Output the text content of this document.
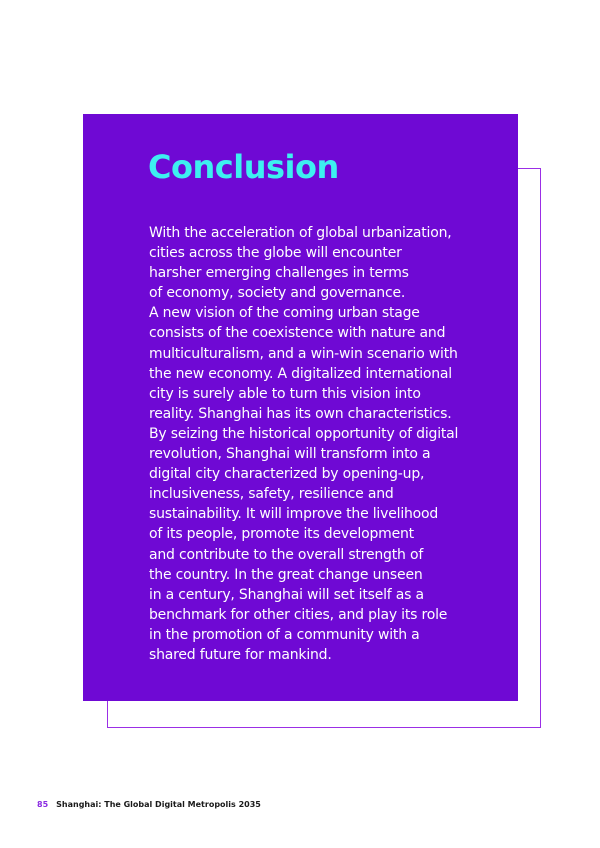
Conclusion

With the acceleration of global urbanization,
cities across the globe will encounter
harsher emerging challenges in terms
of economy, society and governance.
A new vision of the coming urban stage
consists of the coexistence with nature and
multiculturalism, and a win-win scenario with
the new economy. A digitalized international
city is surely able to turn this vision into
reality. Shanghai has its own characteristics.
By seizing the historical opportunity of digital
revolution, Shanghai will transform into a
digital city characterized by opening-up,
inclusiveness, safety, resilience and
sustainability. It will improve the livelihood
of its people, promote its development
and contribute to the overall strength of
the country. In the great change unseen
in a century, Shanghai will set itself as a
benchmark for other cities, and play its role
in the promotion of a community with a
shared future for mankind.

85 Shanghai: The Global Digital Metropolis 2035
